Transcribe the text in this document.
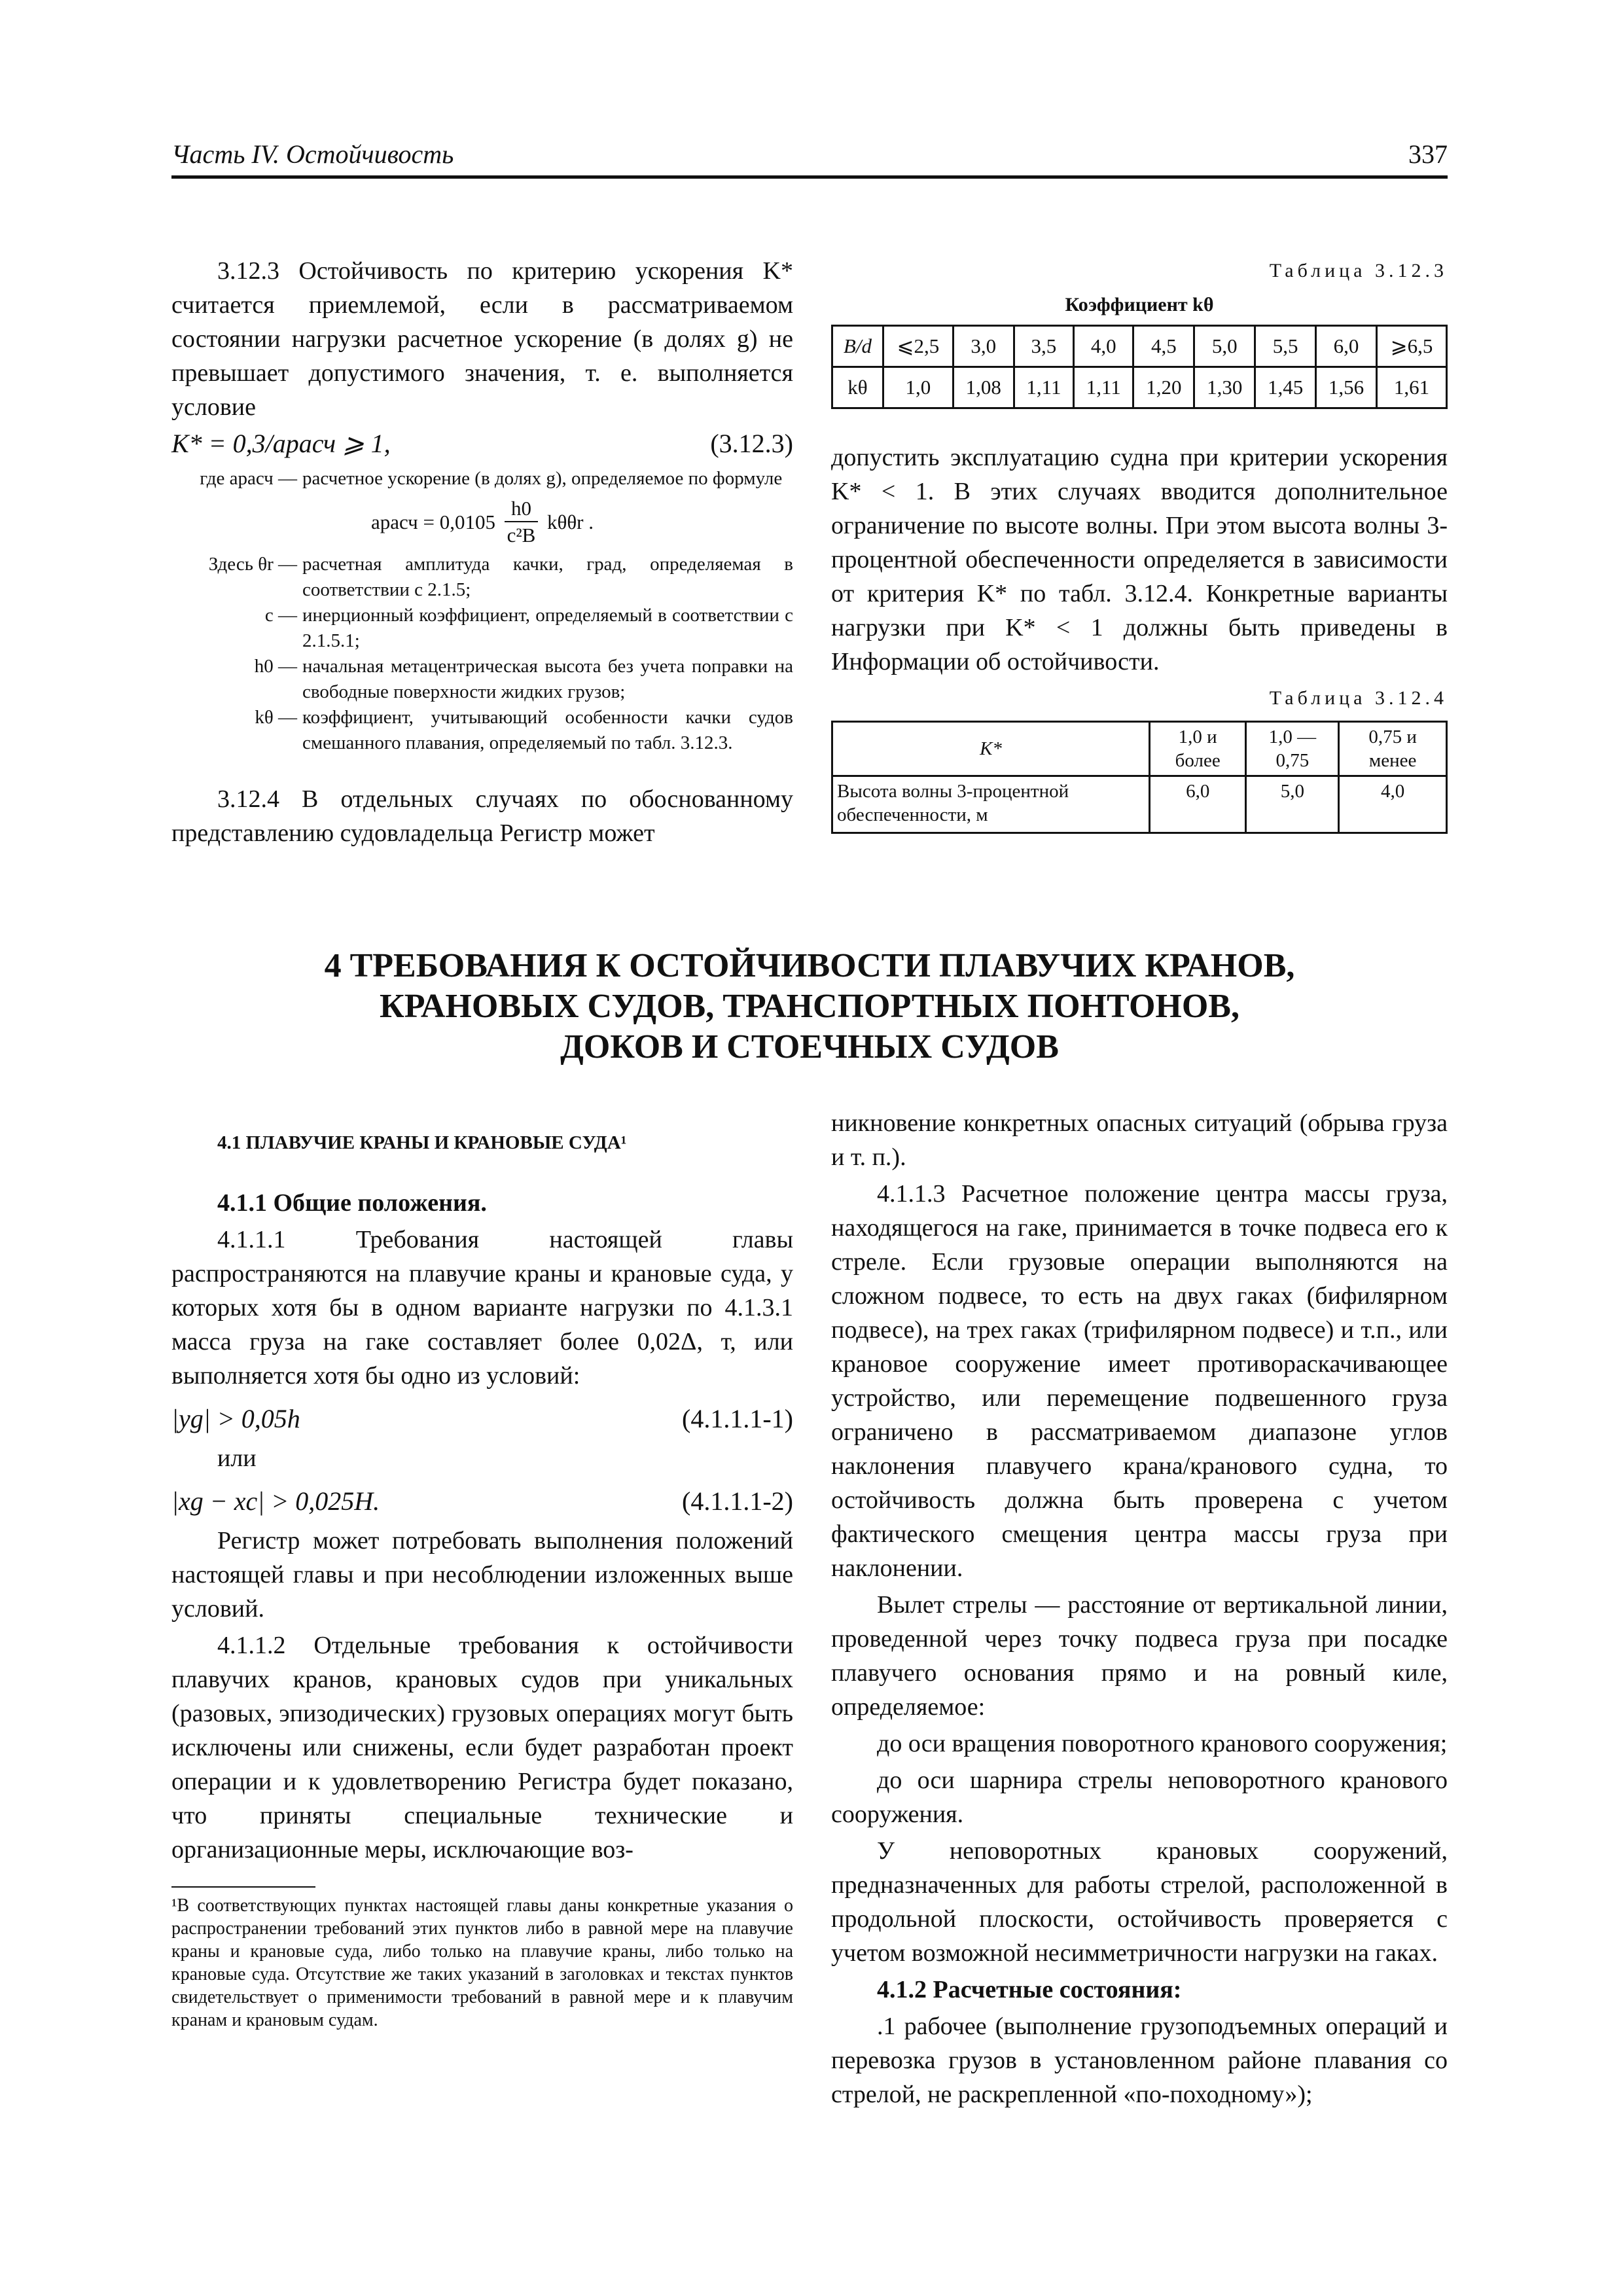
Часть IV. Остойчивость	337

3.12.3 Остойчивость по критерию ускорения K* считается приемлемой, если в рассматриваемом состоянии нагрузки расчетное ускорение (в долях g) не превышает допустимого значения, т. е. выполняется условие

K* = 0,3/aрасч ⩾ 1,	(3.12.3)
где aрасч — расчетное ускорение (в долях g), определяемое по формуле
aрасч = $0,0105 \frac{h0}{\text{c²B}}$ kθθr .
Здесь θr — расчетная амплитуда качки, град, определяемая в соответствии с 2.1.5;
c — инерционный коэффициент, определяемый в соответствии с 2.1.5.1;
h0 — начальная метацентрическая высота без учета поправки на свободные поверхности жидких грузов;
kθ — коэффициент, учитывающий особенности качки судов смешанного плавания, определяемый по табл. 3.12.3.

3.12.4 В отдельных случаях по обоснованному представлению судовладельца Регистр может

Таблица 3.12.3
Коэффициент kθ
B/d	⩽2,5	3,0	3,5	4,0	4,5	5,0	5,5	6,0	⩾6,5
kθ	1,0	1,08	1,11	1,11	1,20	1,30	1,45	1,56	1,61

допустить эксплуатацию судна при критерии ускорения K* < 1. В этих случаях вводится дополнительное ограничение по высоте волны. При этом высота волны 3-процентной обеспеченности определяется в зависимости от критерия K* по табл. 3.12.4. Конкретные варианты нагрузки при K* < 1 должны быть приведены в Информации об остойчивости.

Таблица 3.12.4
K*	1,0 и более	1,0 — 0,75	0,75 и менее
Высота волны 3-процентной обеспеченности, м	6,0	5,0	4,0
4 ТРЕБОВАНИЯ К ОСТОЙЧИВОСТИ ПЛАВУЧИХ КРАНОВ,
КРАНОВЫХ СУДОВ, ТРАНСПОРТНЫХ ПОНТОНОВ,
ДОКОВ И СТОЕЧНЫХ СУДОВ
4.1 ПЛАВУЧИЕ КРАНЫ И КРАНОВЫЕ СУДА¹

4.1.1 Общие положения.

4.1.1.1 Требования настоящей главы распространяются на плавучие краны и крановые суда, у которых хотя бы в одном варианте нагрузки по 4.1.3.1 масса груза на гаке составляет более 0,02Δ, т, или выполняется хотя бы одно из условий:

|yg| > 0,05h	(4.1.1.1-1)

или

|xg − xc| > 0,025H.	(4.1.1.1-2)

Регистр может потребовать выполнения положений настоящей главы и при несоблюдении изложенных выше условий.

4.1.1.2 Отдельные требования к остойчивости плавучих кранов, крановых судов при уникальных (разовых, эпизодических) грузовых операциях могут быть исключены или снижены, если будет разработан проект операции и к удовлетворению Регистра будет показано, что приняты специальные технические и организационные меры, исключающие воз-

¹В соответствующих пунктах настоящей главы даны конкретные указания о распространении требований этих пунктов либо в равной мере на плавучие краны и крановые суда, либо только на плавучие краны, либо только на крановые суда. Отсутствие же таких указаний в заголовках и текстах пунктов свидетельствует о применимости требований в равной мере и к плавучим кранам и крановым судам.

никновение конкретных опасных ситуаций (обрыва груза и т. п.).

4.1.1.3 Расчетное положение центра массы груза, находящегося на гаке, принимается в точке подвеса его к стреле. Если грузовые операции выполняются на сложном подвесе, то есть на двух гаках (бифилярном подвесе), на трех гаках (трифилярном подвесе) и т.п., или крановое сооружение имеет противораскачивающее устройство, или перемещение подвешенного груза ограничено в рассматриваемом диапазоне углов наклонения плавучего крана/кранового судна, то остойчивость должна быть проверена с учетом фактического смещения центра массы груза при наклонении.

Вылет стрелы — расстояние от вертикальной линии, проведенной через точку подвеса груза при посадке плавучего основания прямо и на ровный киле, определяемое:

до оси вращения поворотного кранового сооружения;

до оси шарнира стрелы неповоротного кранового сооружения.

У неповоротных крановых сооружений, предназначенных для работы стрелой, расположенной в продольной плоскости, остойчивость проверяется с учетом возможной несимметричности нагрузки на гаках.

4.1.2 Расчетные состояния:

.1 рабочее (выполнение грузоподъемных операций и перевозка грузов в установленном районе плавания со стрелой, не раскрепленной «по-походному»);
